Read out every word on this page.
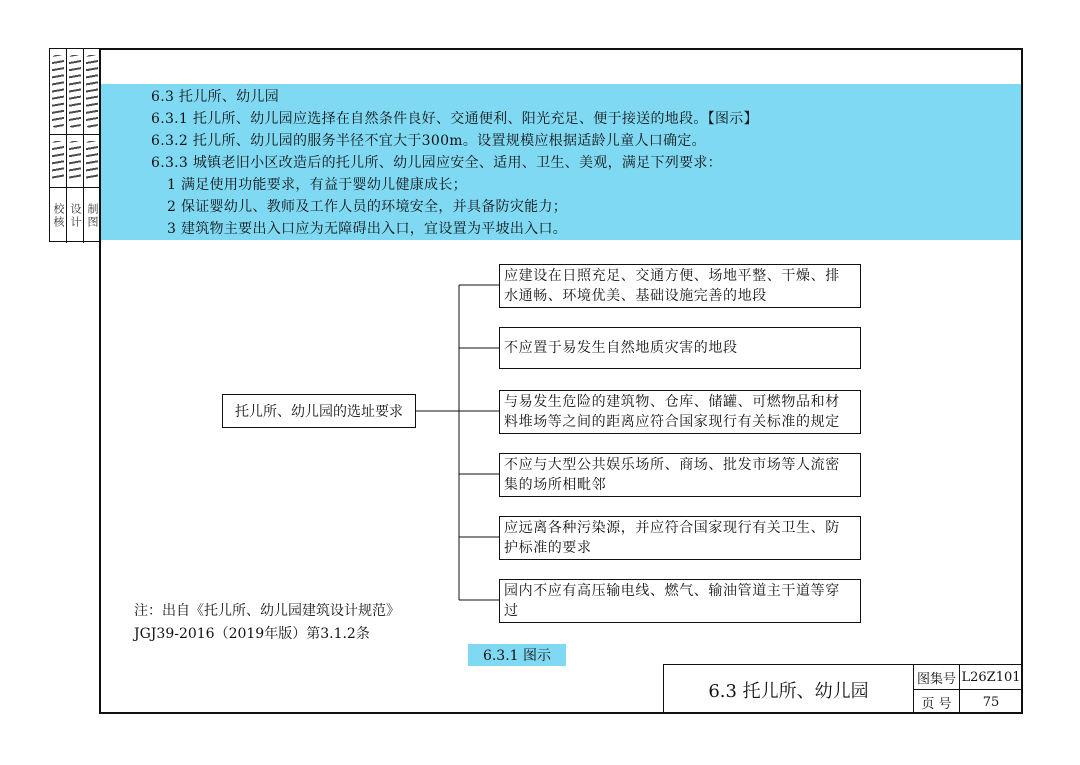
校核 设计 制图
6.3 托儿所、幼儿园
6.3.1 托儿所、幼儿园应选择在自然条件良好、交通便利、阳光充足、便于接送的地段。【图示】
6.3.2 托儿所、幼儿园的服务半径不宜大于300m。设置规模应根据适龄儿童人口确定。
6.3.3 城镇老旧小区改造后的托儿所、幼儿园应安全、适用、卫生、美观，满足下列要求：
1 满足使用功能要求，有益于婴幼儿健康成长；
2 保证婴幼儿、教师及工作人员的环境安全，并具备防灾能力；
3 建筑物主要出入口应为无障碍出入口，宜设置为平坡出入口。
托儿所、幼儿园的选址要求
应建设在日照充足、交通方便、场地平整、干燥、排水通畅、环境优美、基础设施完善的地段
不应置于易发生自然地质灾害的地段
与易发生危险的建筑物、仓库、储罐、可燃物品和材料堆场等之间的距离应符合国家现行有关标准的规定
不应与大型公共娱乐场所、商场、批发市场等人流密集的场所相毗邻
应远离各种污染源，并应符合国家现行有关卫生、防护标准的要求
园内不应有高压输电线、燃气、输油管道主干道等穿过
注：出自《托儿所、幼儿园建筑设计规范》
JGJ39-2016（2019年版）第3.1.2条
6.3.1 图示
6.3 托儿所、幼儿园
图集号 L26Z101
页 号	75
